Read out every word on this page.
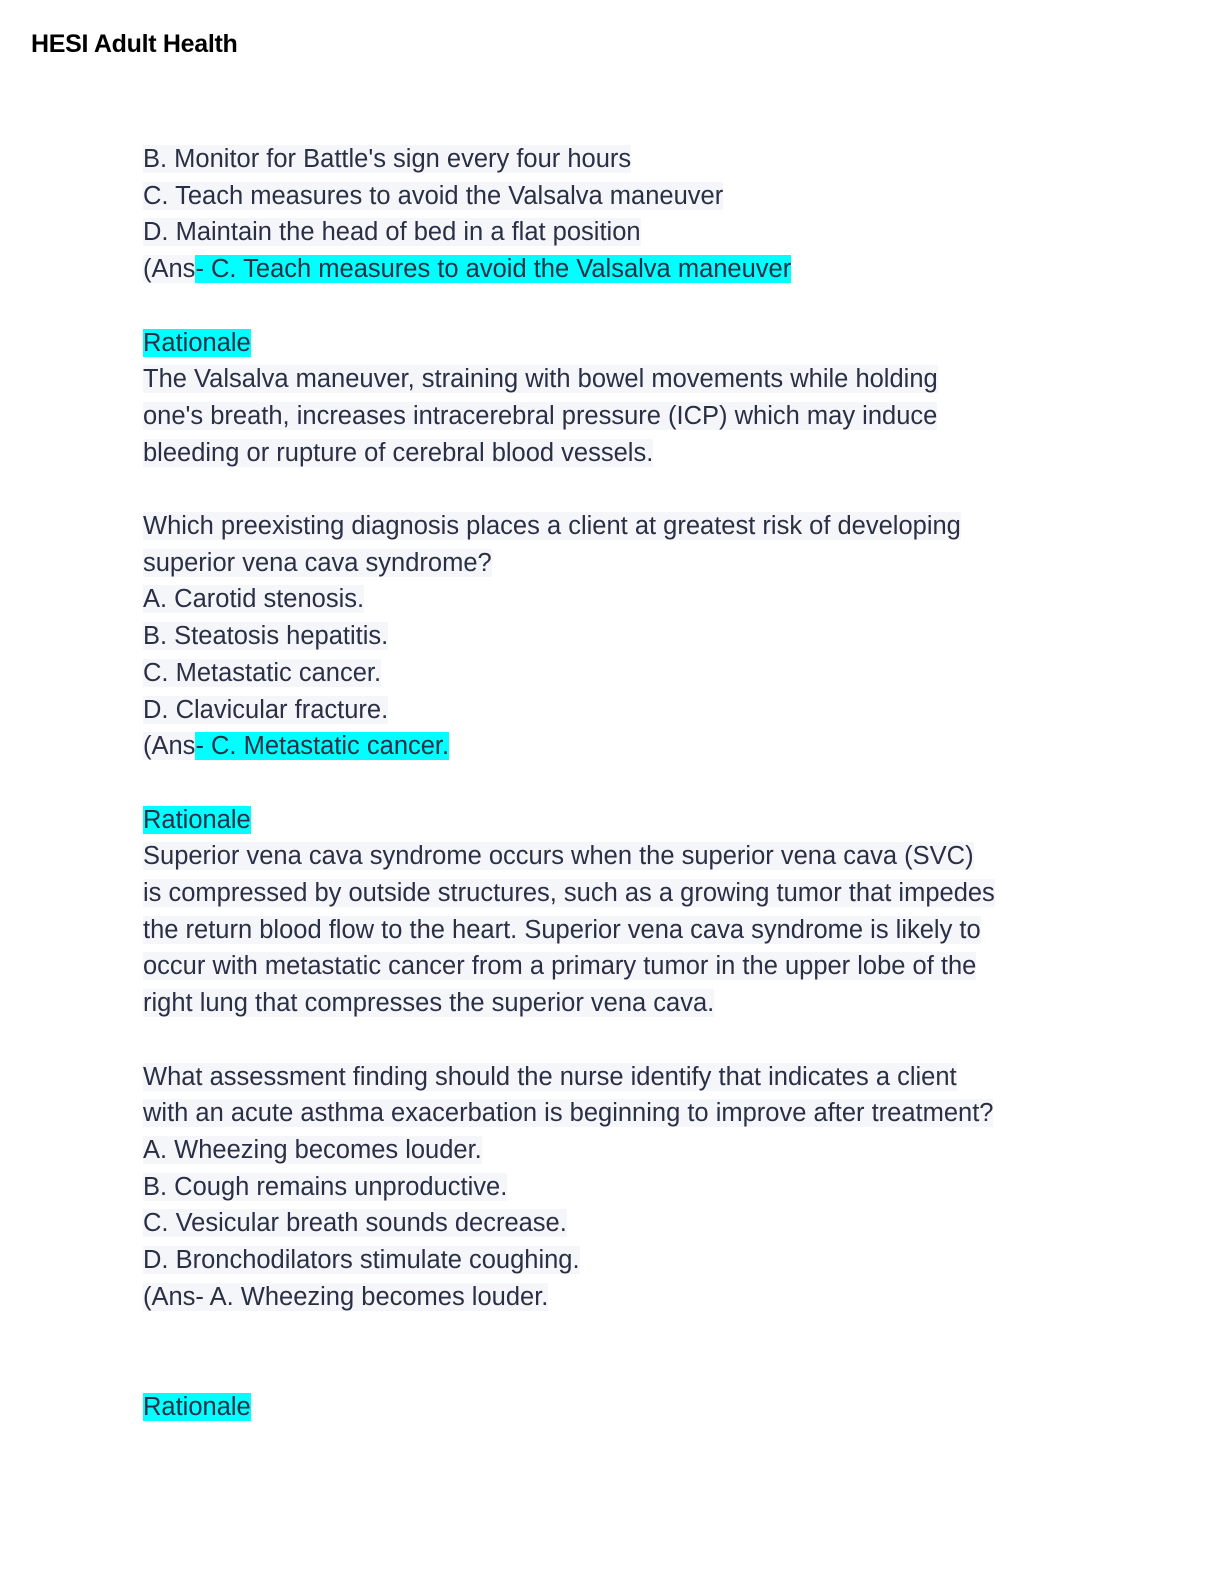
HESI Adult Health
B. Monitor for Battle's sign every four hours
C. Teach measures to avoid the Valsalva maneuver
D. Maintain the head of bed in a flat position
(Ans- C. Teach measures to avoid the Valsalva maneuver
Rationale
The Valsalva maneuver, straining with bowel movements while holding
one's breath, increases intracerebral pressure (ICP) which may induce
bleeding or rupture of cerebral blood vessels.
Which preexisting diagnosis places a client at greatest risk of developing
superior vena cava syndrome?
A. Carotid stenosis.
B. Steatosis hepatitis.
C. Metastatic cancer.
D. Clavicular fracture.
(Ans- C. Metastatic cancer.
Rationale
Superior vena cava syndrome occurs when the superior vena cava (SVC)
is compressed by outside structures, such as a growing tumor that impedes
the return blood flow to the heart. Superior vena cava syndrome is likely to
occur with metastatic cancer from a primary tumor in the upper lobe of the
right lung that compresses the superior vena cava.
What assessment finding should the nurse identify that indicates a client
with an acute asthma exacerbation is beginning to improve after treatment?
A. Wheezing becomes louder.
B. Cough remains unproductive.
C. Vesicular breath sounds decrease.
D. Bronchodilators stimulate coughing.
(Ans- A. Wheezing becomes louder.
Rationale
